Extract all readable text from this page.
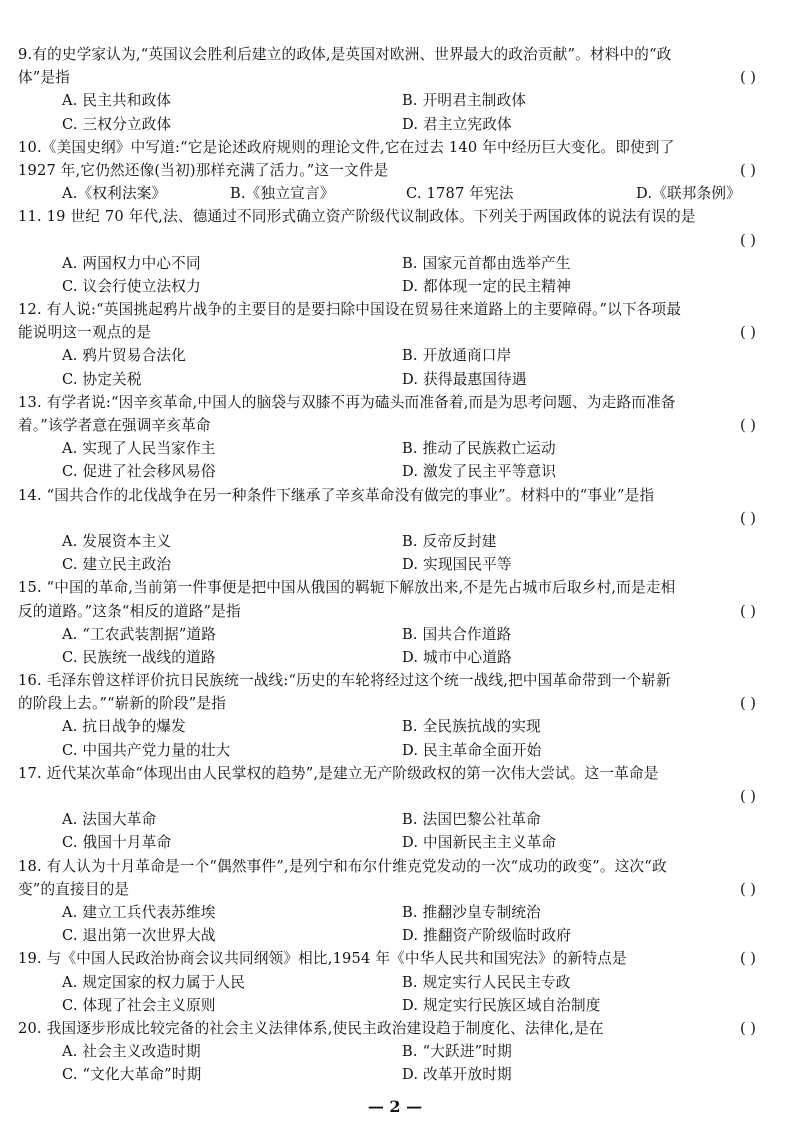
9.有的史学家认为,“英国议会胜利后建立的政体,是英国对欧洲、世界最大的政治贡献”。材料中的“政
体”是指	( )
A. 民主共和政体	B. 开明君主制政体
C. 三权分立政体	D. 君主立宪政体
10.《美国史纲》中写道:“它是论述政府规则的理论文件,它在过去 140 年中经历巨大变化。即使到了
1927 年,它仍然还像(当初)那样充满了活力。”这一文件是	( )
A.《权利法案》	B.《独立宣言》	C. 1787 年宪法	D.《联邦条例》
11. 19 世纪 70 年代,法、德通过不同形式确立资产阶级代议制政体。下列关于两国政体的说法有误的是
( )
A. 两国权力中心不同	B. 国家元首都由选举产生
C. 议会行使立法权力	D. 都体现一定的民主精神
12. 有人说:“英国挑起鸦片战争的主要目的是要扫除中国设在贸易往来道路上的主要障碍。”以下各项最
能说明这一观点的是	( )
A. 鸦片贸易合法化	B. 开放通商口岸
C. 协定关税	D. 获得最惠国待遇
13. 有学者说:“因辛亥革命,中国人的脑袋与双膝不再为磕头而准备着,而是为思考问题、为走路而准备
着。”该学者意在强调辛亥革命	( )
A. 实现了人民当家作主	B. 推动了民族救亡运动
C. 促进了社会移风易俗	D. 激发了民主平等意识
14. “国共合作的北伐战争在另一种条件下继承了辛亥革命没有做完的事业”。材料中的“事业”是指
( )
A. 发展资本主义	B. 反帝反封建
C. 建立民主政治	D. 实现国民平等
15. “中国的革命,当前第一件事便是把中国从俄国的羁轭下解放出来,不是先占城市后取乡村,而是走相
反的道路。”这条“相反的道路”是指	( )
A. “工农武装割据”道路	B. 国共合作道路
C. 民族统一战线的道路	D. 城市中心道路
16. 毛泽东曾这样评价抗日民族统一战线:“历史的车轮将经过这个统一战线,把中国革命带到一个崭新
的阶段上去。”“崭新的阶段”是指	( )
A. 抗日战争的爆发	B. 全民族抗战的实现
C. 中国共产党力量的壮大	D. 民主革命全面开始
17. 近代某次革命“体现出由人民掌权的趋势”,是建立无产阶级政权的第一次伟大尝试。这一革命是
( )
A. 法国大革命	B. 法国巴黎公社革命
C. 俄国十月革命	D. 中国新民主主义革命
18. 有人认为十月革命是一个“偶然事件”,是列宁和布尔什维克党发动的一次“成功的政变”。这次“政
变”的直接目的是	( )
A. 建立工兵代表苏维埃	B. 推翻沙皇专制统治
C. 退出第一次世界大战	D. 推翻资产阶级临时政府
19. 与《中国人民政治协商会议共同纲领》相比,1954 年《中华人民共和国宪法》的新特点是	( )
A. 规定国家的权力属于人民	B. 规定实行人民民主专政
C. 体现了社会主义原则	D. 规定实行民族区域自治制度
20. 我国逐步形成比较完备的社会主义法律体系,使民主政治建设趋于制度化、法律化,是在	( )
A. 社会主义改造时期	B. “大跃进”时期
C. “文化大革命”时期	D. 改革开放时期
— 2 —
